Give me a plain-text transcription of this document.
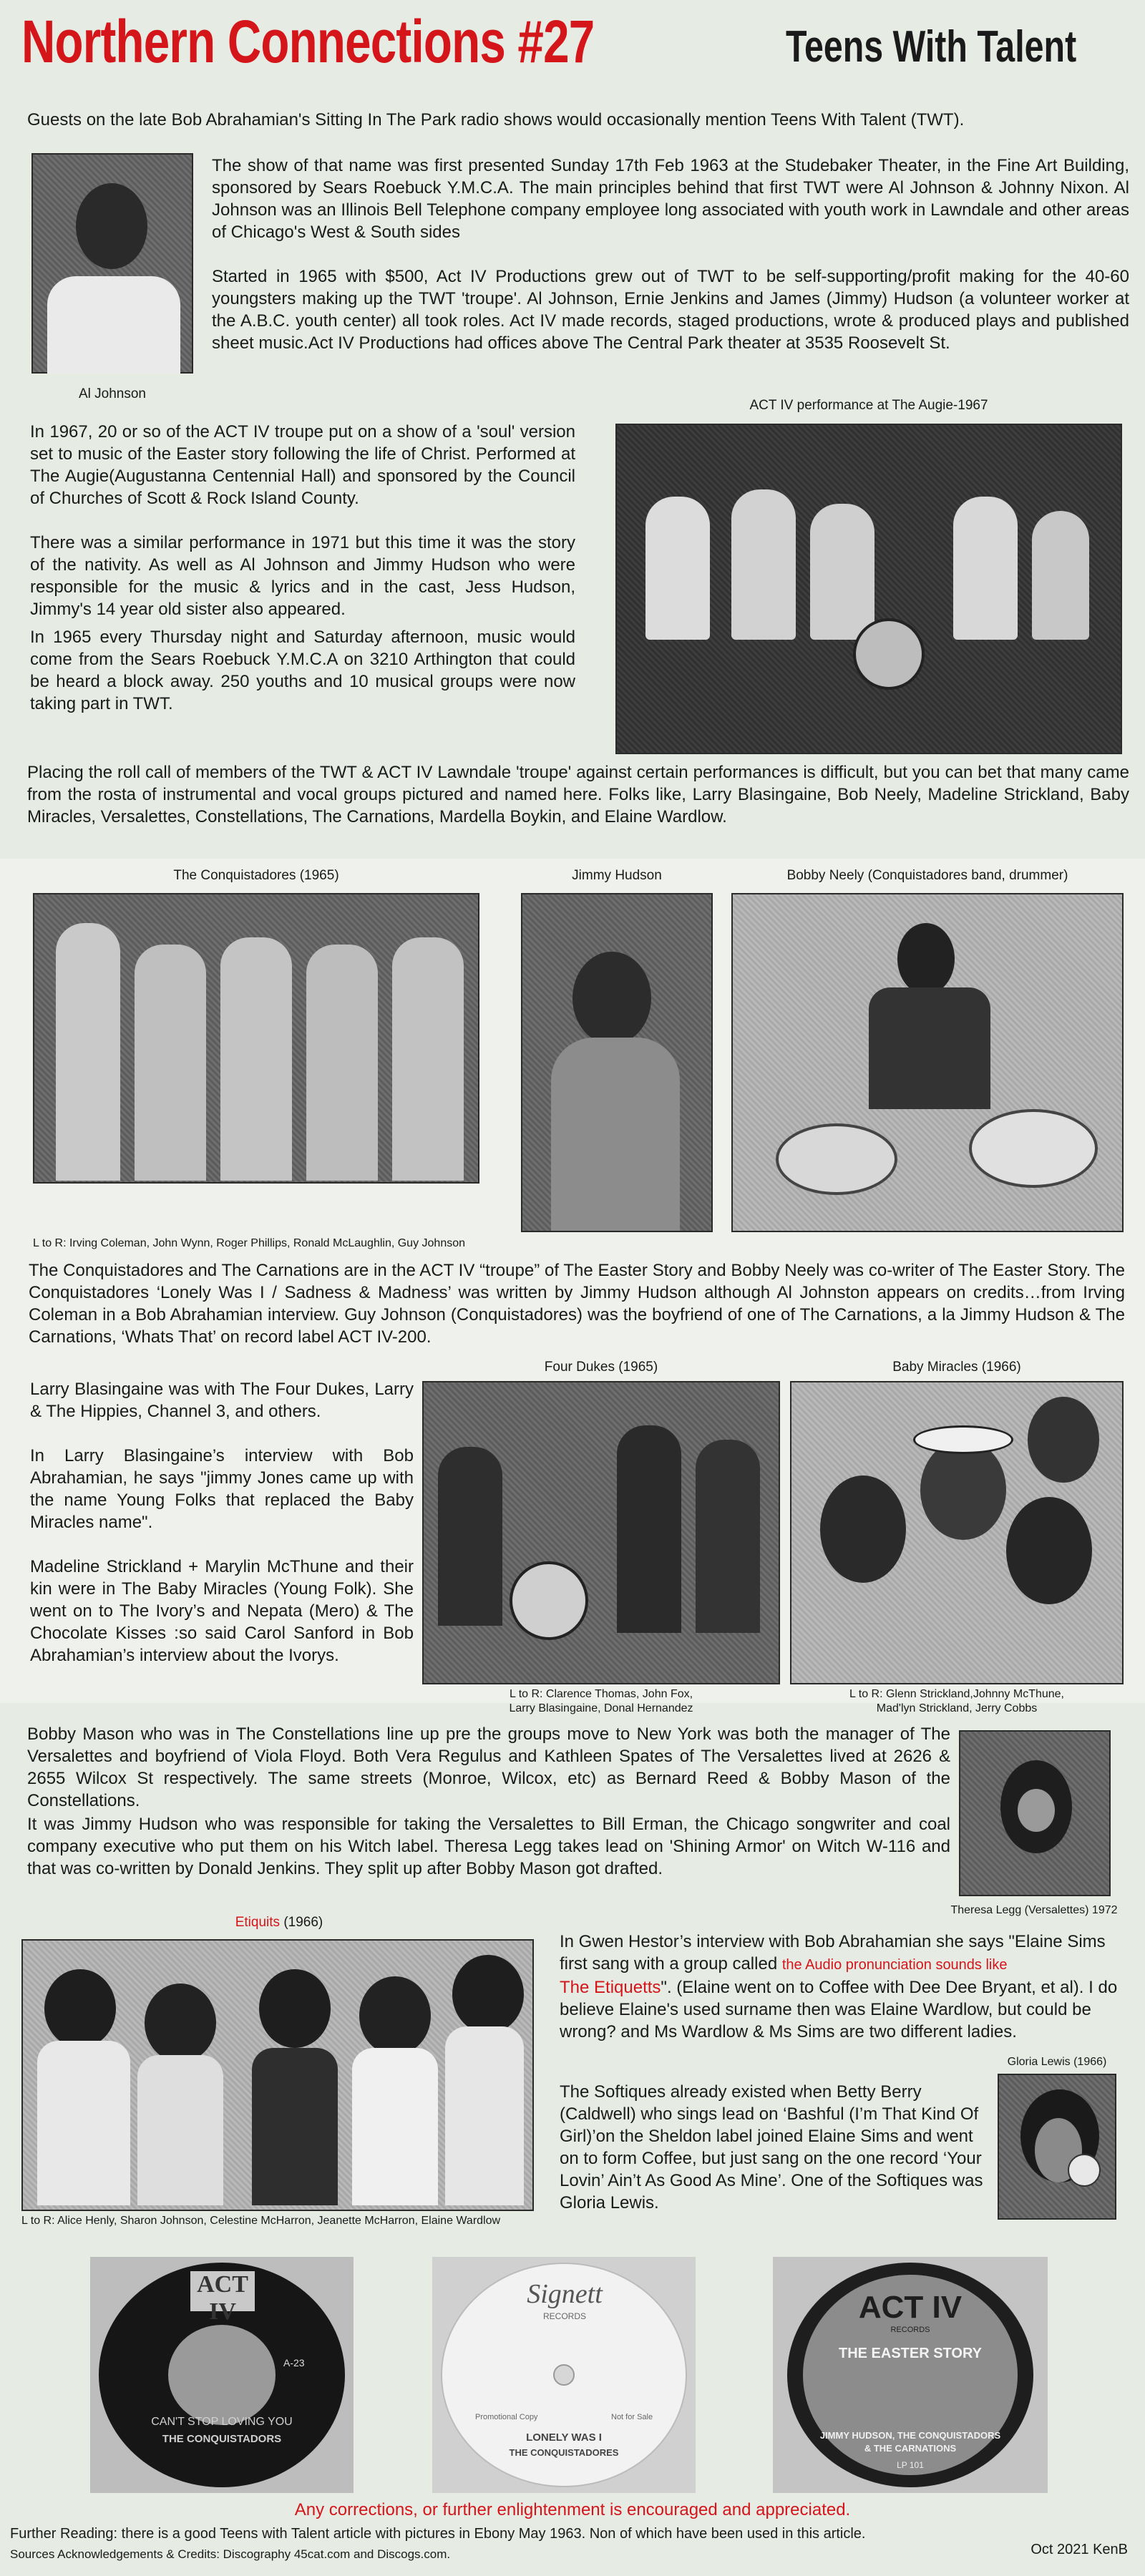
Northern Connections #27	Teens With Talent
Guests on the late Bob Abrahamian's Sitting In The Park radio shows would occasionally mention Teens With Talent (TWT).
Al Johnson

The show of that name was first presented Sunday 17th Feb 1963 at the Studebaker Theater, in the Fine Art Building, sponsored by Sears Roebuck Y.M.C.A. The main principles behind that first TWT were Al Johnson & Johnny Nixon. Al Johnson was an Illinois Bell Telephone company employee long associated with youth work in Lawndale and other areas of Chicago's West & South sides

Started in 1965 with $500, Act IV Productions grew out of TWT to be self-supporting/profit making for the 40-60 youngsters making up the TWT 'troupe'. Al Johnson, Ernie Jenkins and James (Jimmy) Hudson (a volunteer worker at the A.B.C. youth center) all took roles. Act IV made records, staged productions, wrote & produced plays and published sheet music.Act IV Productions had offices above The Central Park theater at 3535 Roosevelt St.

ACT IV performance at The Augie-1967

In 1967, 20 or so of the ACT IV troupe put on a show of a 'soul' version set to music of the Easter story following the life of Christ. Performed at The Augie(Augustanna Centennial Hall) and sponsored by the Council of Churches of Scott & Rock Island County.

There was a similar performance in 1971 but this time it was the story of the nativity. As well as Al Johnson and Jimmy Hudson who were responsible for the music & lyrics and in the cast, Jess Hudson, Jimmy's 14 year old sister also appeared.

In 1965 every Thursday night and Saturday afternoon, music would come from the Sears Roebuck Y.M.C.A on 3210 Arthington that could be heard a block away. 250 youths and 10 musical groups were now taking part in TWT.

Placing the roll call of members of the TWT & ACT IV Lawndale 'troupe' against certain performances is difficult, but you can bet that many came from the rosta of instrumental and vocal groups pictured and named here. Folks like, Larry Blasingaine, Bob Neely, Madeline Strickland, Baby Miracles, Versalettes, Constellations, The Carnations, Mardella Boykin, and Elaine Wardlow.
The Conquistadores (1965)	Jimmy Hudson	Bobby Neely (Conquistadores band, drummer)
L to R: Irving Coleman, John Wynn, Roger Phillips, Ronald McLaughlin, Guy Johnson
The Conquistadores and The Carnations are in the ACT IV “troupe” of The Easter Story and Bobby Neely was co-writer of The Easter Story. The Conquistadores ‘Lonely Was I / Sadness & Madness’ was written by Jimmy Hudson although Al Johnston appears on credits…from Irving Coleman in a Bob Abrahamian interview. Guy Johnson (Conquistadores) was the boyfriend of one of The Carnations, a la Jimmy Hudson & The Carnations, ‘Whats That’ on record label ACT IV-200.

Larry Blasingaine was with The Four Dukes, Larry & The Hippies, Channel 3, and others.

In Larry Blasingaine’s interview with Bob Abrahamian, he says "jimmy Jones came up with the name Young Folks that replaced the Baby Miracles name".

Madeline Strickland + Marylin McThune and their kin were in The Baby Miracles (Young Folk). She went on to The Ivory’s and Nepata (Mero) & The Chocolate Kisses :so said Carol Sanford in Bob Abrahamian’s interview about the Ivorys.

Four Dukes (1965)
L to R: Clarence Thomas, John Fox,
Larry Blasingaine, Donal Hernandez
Baby Miracles (1966)
L to R: Glenn Strickland,Johnny McThune,
Mad'lyn Strickland, Jerry Cobbs

Bobby Mason who was in The Constellations line up pre the groups move to New York was both the manager of The Versalettes and boyfriend of Viola Floyd. Both Vera Regulus and Kathleen Spates of The Versalettes lived at 2626 & 2655 Wilcox St respectively. The same streets (Monroe, Wilcox, etc) as Bernard Reed & Bobby Mason of the Constellations.

It was Jimmy Hudson who was responsible for taking the Versalettes to Bill Erman, the Chicago songwriter and coal company executive who put them on his Witch label. Theresa Legg takes lead on 'Shining Armor' on Witch W-116 and that was co-written by Donald Jenkins. They split up after Bobby Mason got drafted.

Theresa Legg (Versalettes) 1972
Etiquits (1966)
L to R: Alice Henly, Sharon Johnson, Celestine McHarron, Jeanette McHarron, Elaine Wardlow

In Gwen Hestor’s interview with Bob Abrahamian she says "Elaine Sims first sang with a group called the Audio pronunciation sounds like
The Etiquetts". (Elaine went on to Coffee with Dee Dee Bryant, et al). I do believe Elaine's used surname then was Elaine Wardlow, but could be wrong? and Ms Wardlow & Ms Sims are two different ladies.

The Softiques already existed when Betty Berry (Caldwell) who sings lead on ‘Bashful (I’m That Kind Of Girl)’on the Sheldon label joined Elaine Sims and went on to form Coffee, but just sang on the one record ‘Your Lovin’ Ain’t As Good As Mine’. One of the Softiques was Gloria Lewis.
Gloria Lewis (1966)
ACT IV
A-23
CAN'T STOP LOVING YOU
THE CONQUISTADORS
Signett
RECORDS
LONELY WAS I
THE CONQUISTADORES
Promotional Copy	Not for Sale
ACT IV
RECORDS
THE EASTER STORY
JIMMY HUDSON, THE CONQUISTADORS
& THE CARNATIONS
LP 101
Any corrections, or further enlightenment is encouraged and appreciated.
Further Reading: there is a good Teens with Talent article with pictures in Ebony May 1963. Non of which have been used in this article.
Sources Acknowledgements & Credits: Discography 45cat.com and Discogs.com.	Oct 2021 KenB
